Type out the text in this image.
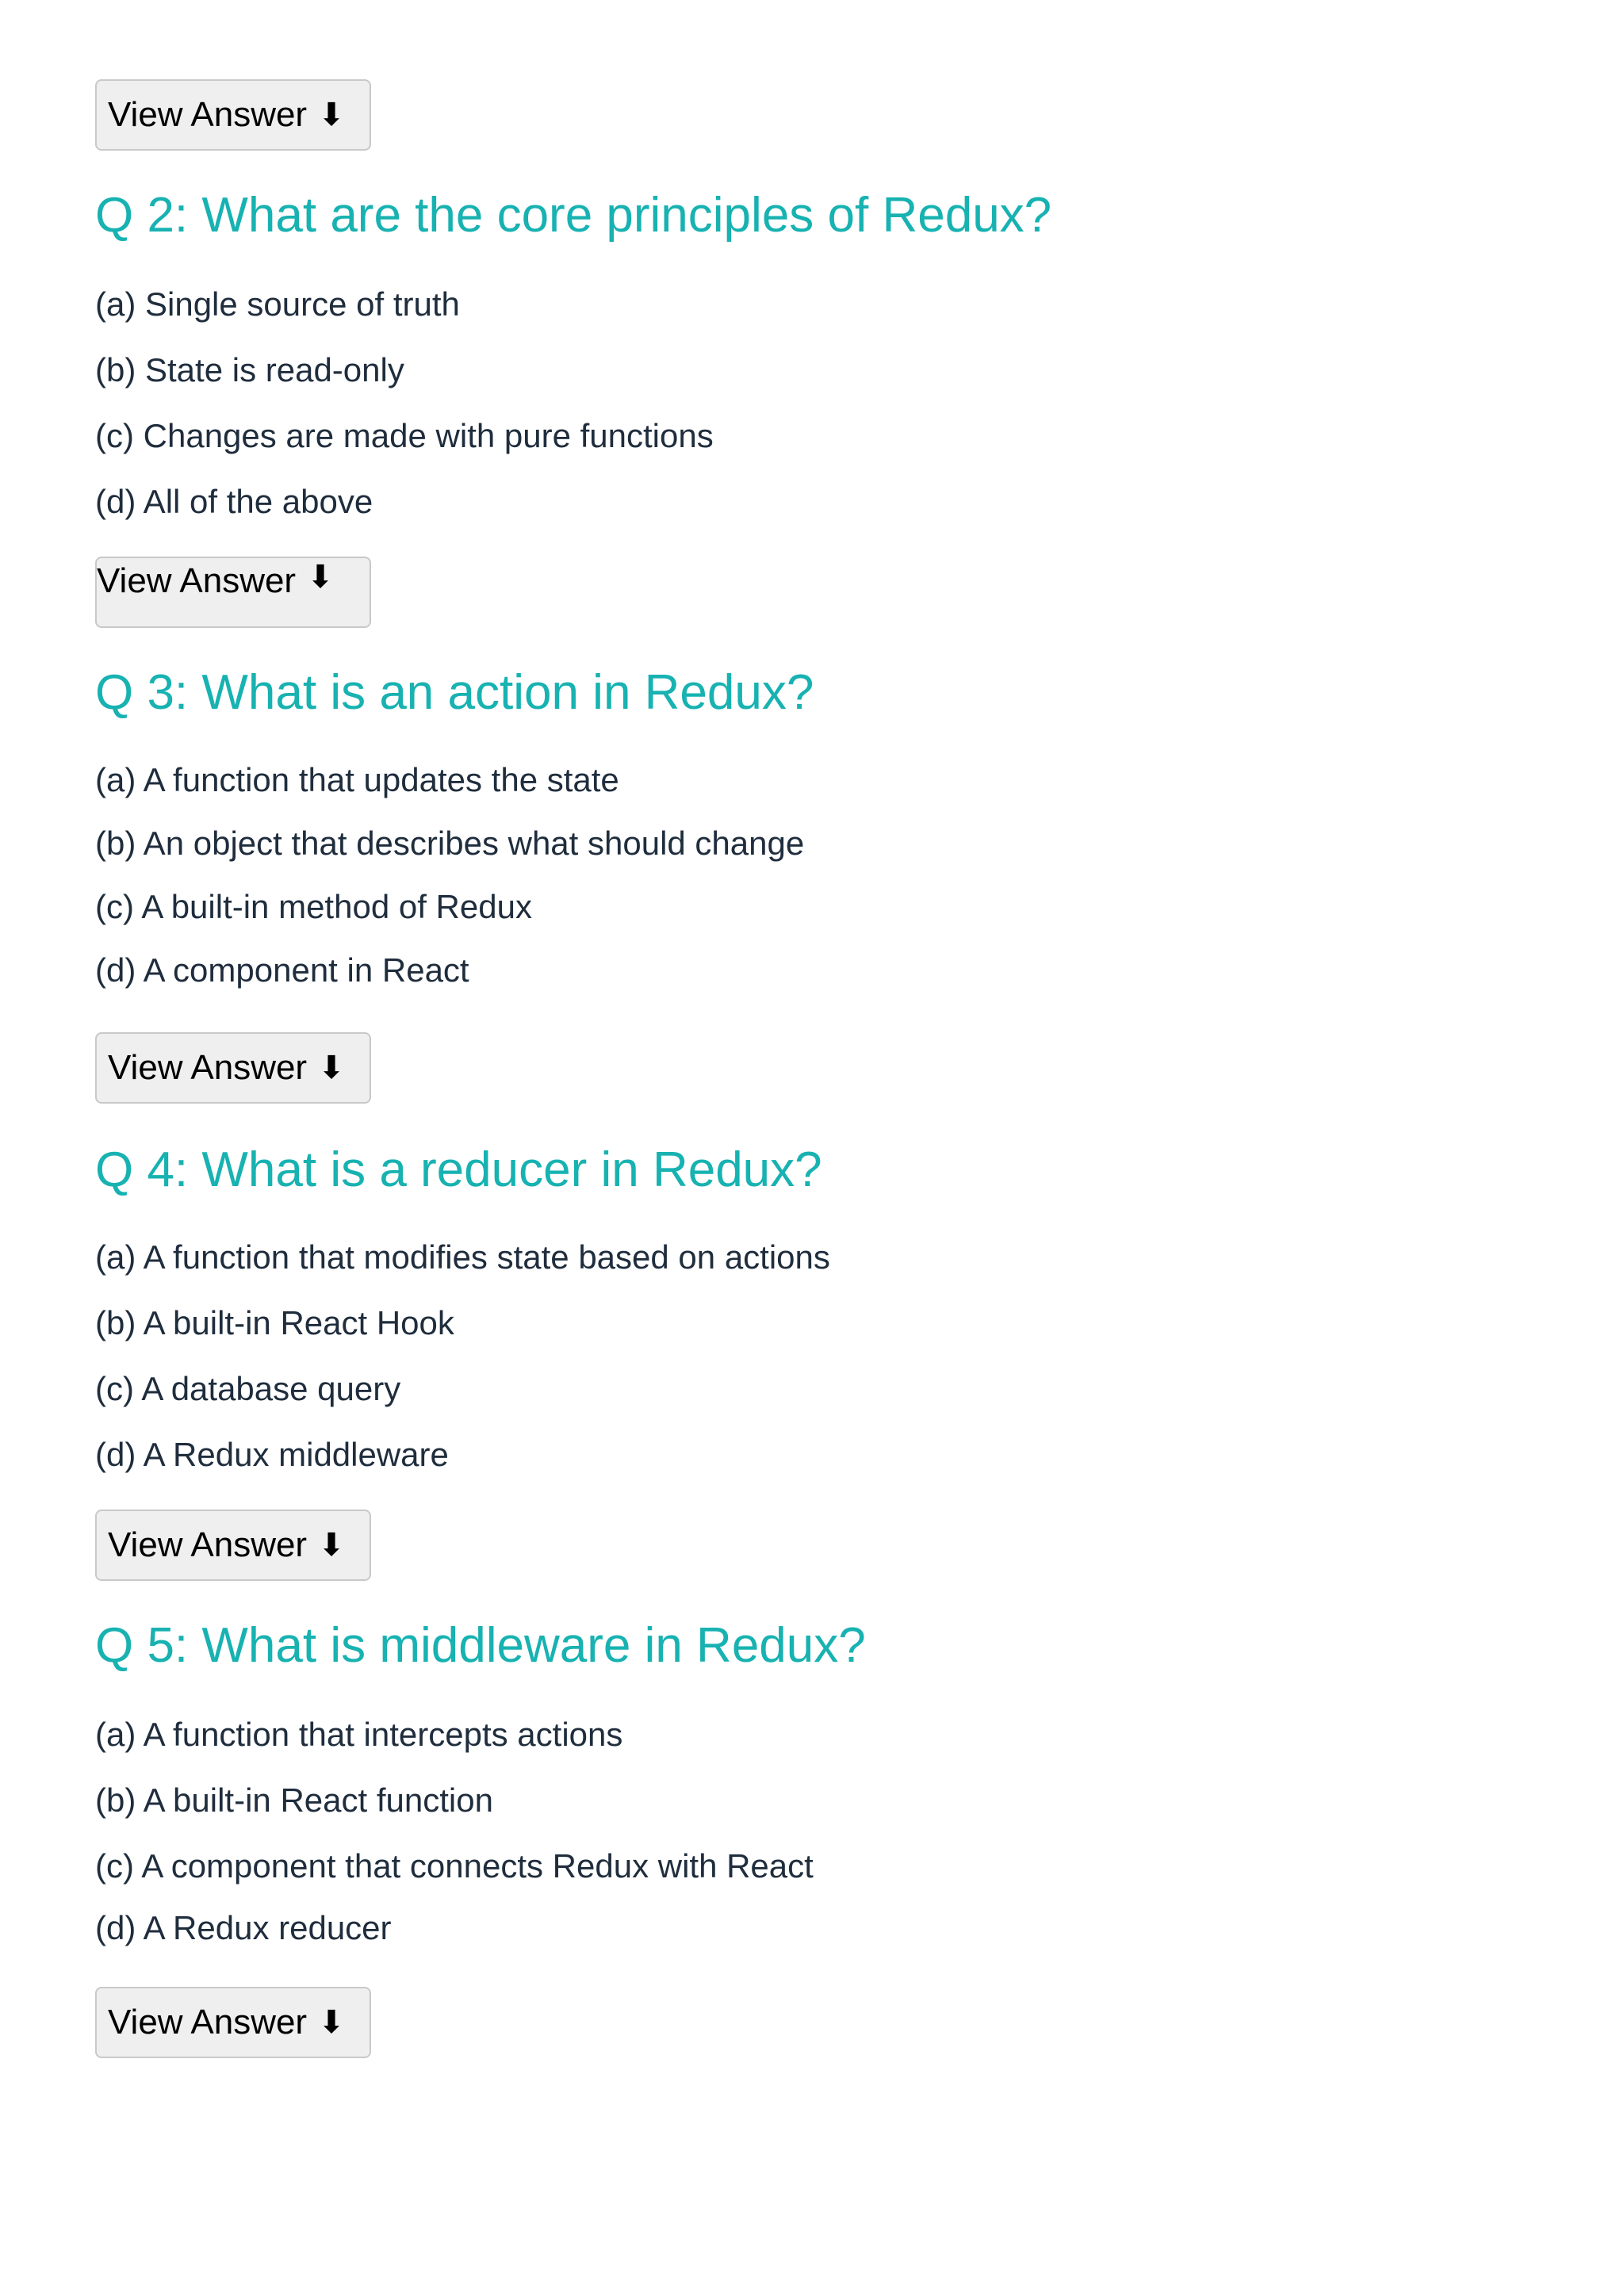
View Answer ⬇
Q 2: What are the core principles of Redux?
(a) Single source of truth
(b) State is read-only
(c) Changes are made with pure functions
(d) All of the above
View Answer ⬇
Q 3: What is an action in Redux?
(a) A function that updates the state
(b) An object that describes what should change
(c) A built-in method of Redux
(d) A component in React
View Answer ⬇
Q 4: What is a reducer in Redux?
(a) A function that modifies state based on actions
(b) A built-in React Hook
(c) A database query
(d) A Redux middleware
View Answer ⬇
Q 5: What is middleware in Redux?
(a) A function that intercepts actions
(b) A built-in React function
(c) A component that connects Redux with React
(d) A Redux reducer
View Answer ⬇
